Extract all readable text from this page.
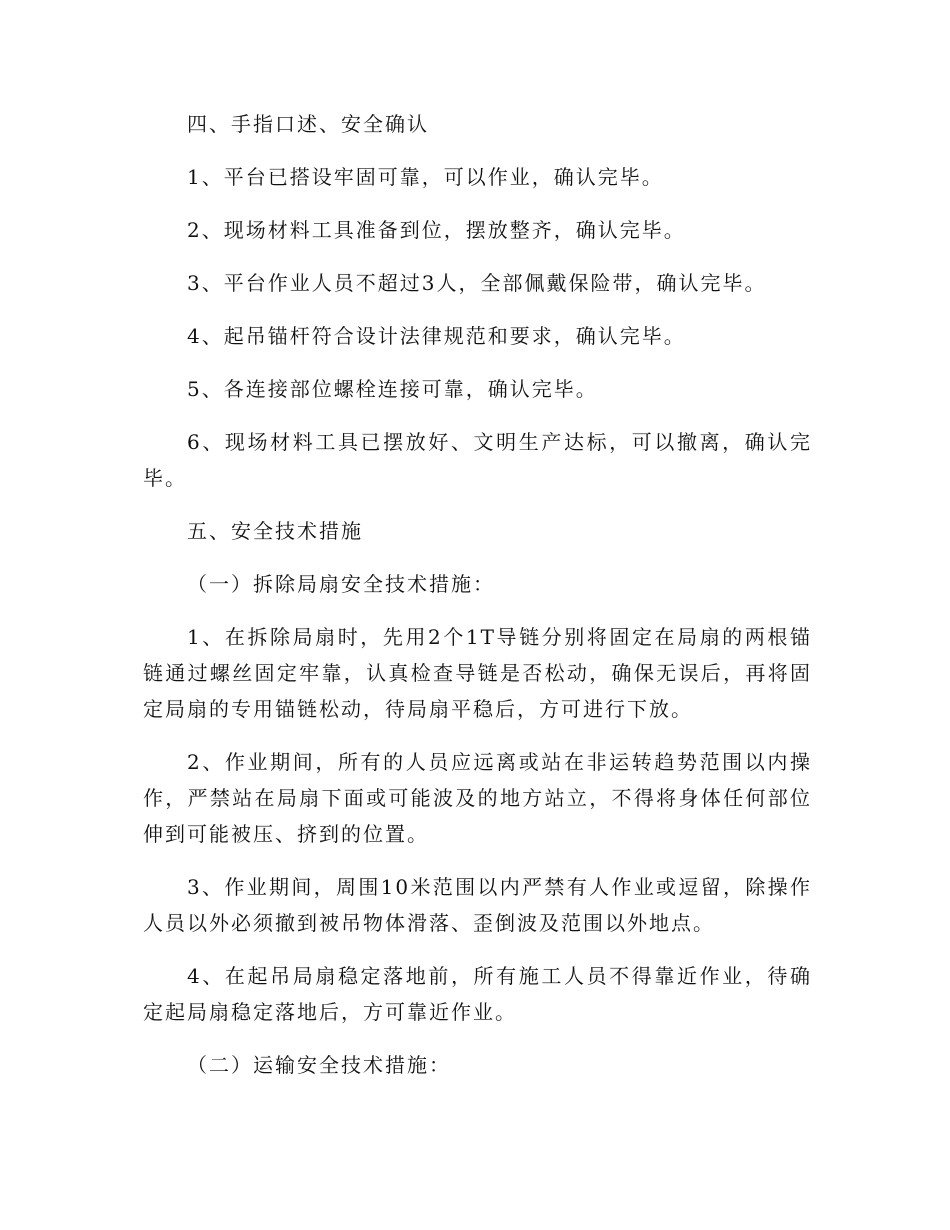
四、手指口述、安全确认

1、平台已搭设牢固可靠，可以作业，确认完毕。

2、现场材料工具准备到位，摆放整齐，确认完毕。

3、平台作业人员不超过3人，全部佩戴保险带，确认完毕。

4、起吊锚杆符合设计法律规范和要求，确认完毕。

5、各连接部位螺栓连接可靠，确认完毕。

6、现场材料工具已摆放好、文明生产达标，可以撤离，确认完毕。

五、安全技术措施

（一）拆除局扇安全技术措施：

1、在拆除局扇时，先用2个1T导链分别将固定在局扇的两根锚链通过螺丝固定牢靠，认真检查导链是否松动，确保无误后，再将固定局扇的专用锚链松动，待局扇平稳后，方可进行下放。

2、作业期间，所有的人员应远离或站在非运转趋势范围以内操作，严禁站在局扇下面或可能波及的地方站立，不得将身体任何部位伸到可能被压、挤到的位置。

3、作业期间，周围10米范围以内严禁有人作业或逗留，除操作人员以外必须撤到被吊物体滑落、歪倒波及范围以外地点。

4、在起吊局扇稳定落地前，所有施工人员不得靠近作业，待确定起局扇稳定落地后，方可靠近作业。

（二）运输安全技术措施：
